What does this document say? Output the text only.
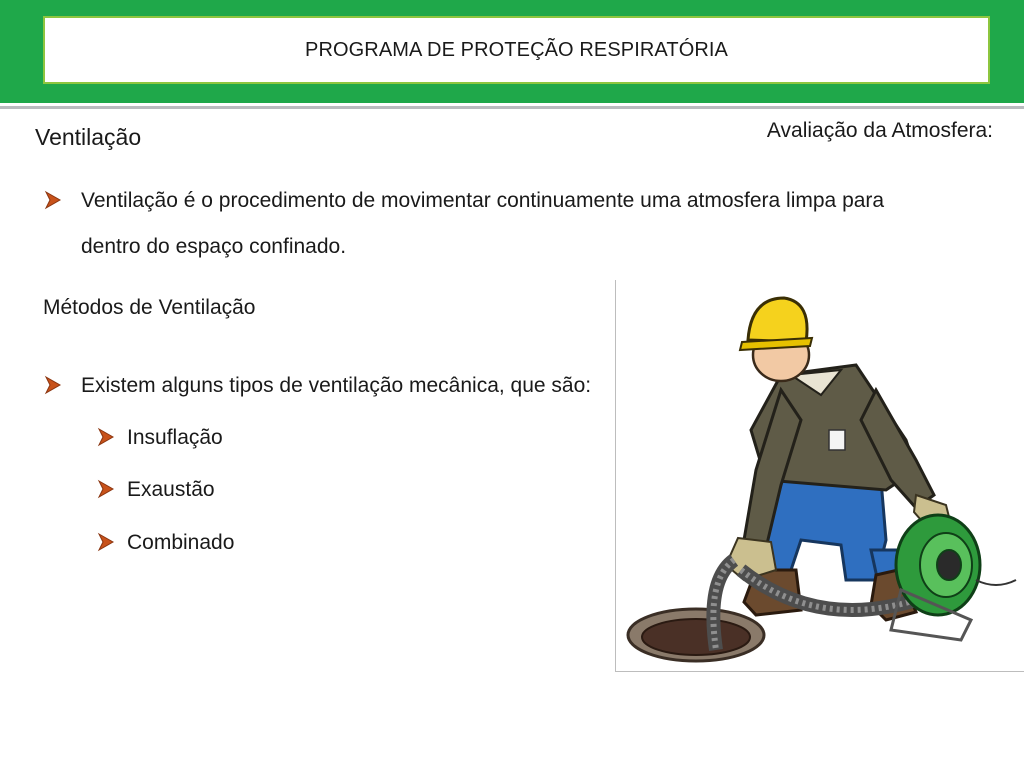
PROGRAMA DE PROTEÇÃO RESPIRATÓRIA
Ventilação	Avaliação da Atmosfera:
Ventilação é o procedimento de movimentar continuamente uma atmosfera limpa para dentro do espaço confinado.
Métodos de Ventilação
Existem alguns tipos de ventilação mecânica, que são:
Insuflação
Exaustão
Combinado
